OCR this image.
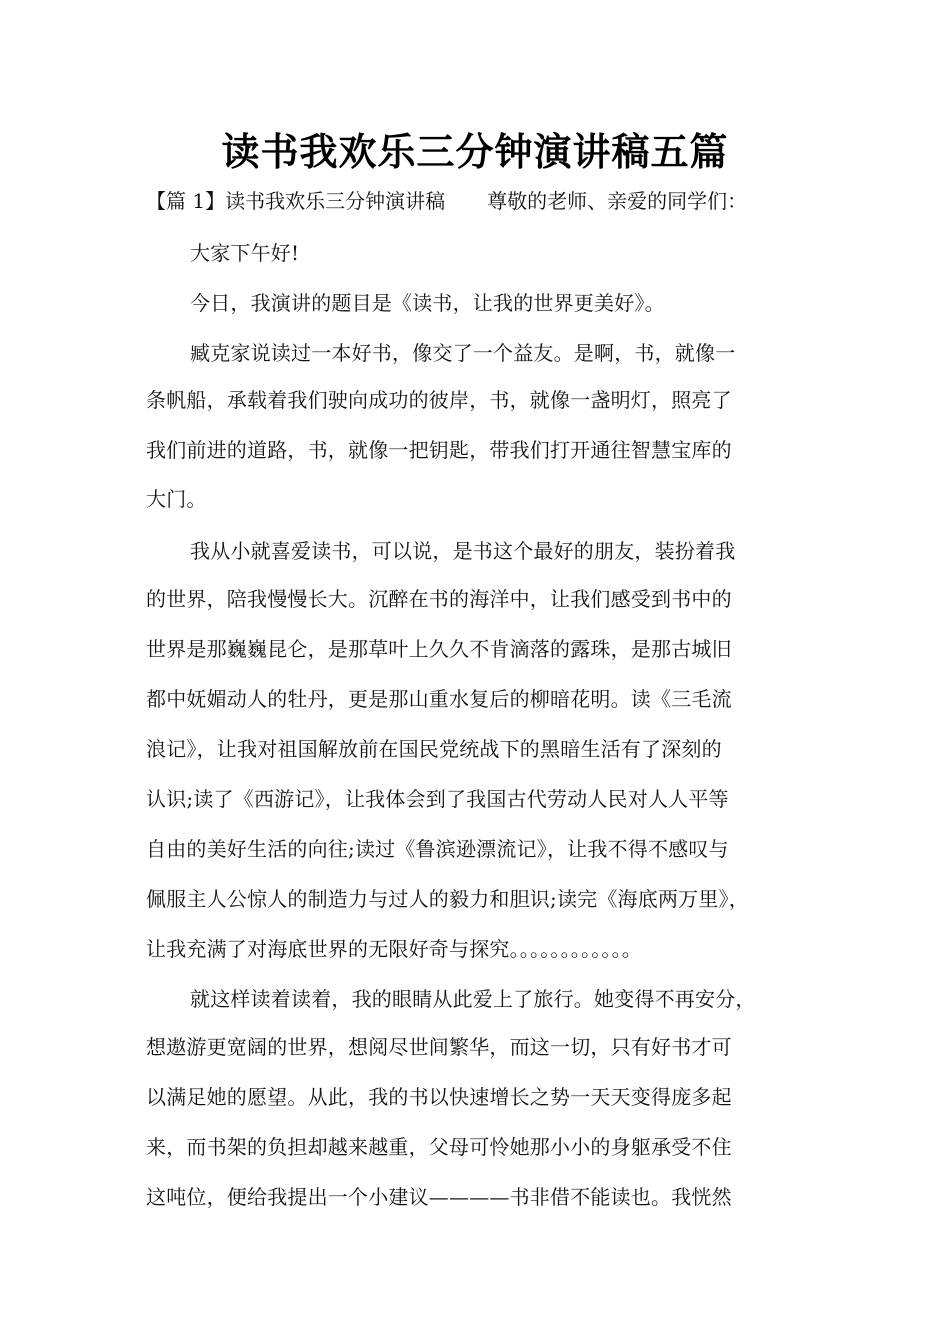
读书我欢乐三分钟演讲稿五篇
【篇 1】读书我欢乐三分钟演讲稿 尊敬的老师、亲爱的同学们：
大家下午好!
今日，我演讲的题目是《读书，让我的世界更美好》。
臧克家说读过一本好书，像交了一个益友。是啊，书，就像一
条帆船，承载着我们驶向成功的彼岸，书，就像一盏明灯，照亮了
我们前进的道路，书，就像一把钥匙，带我们打开通往智慧宝库的
大门。
我从小就喜爱读书，可以说，是书这个最好的朋友，装扮着我
的世界，陪我慢慢长大。沉醉在书的海洋中，让我们感受到书中的
世界是那巍巍昆仑，是那草叶上久久不肯滴落的露珠，是那古城旧
都中妩媚动人的牡丹，更是那山重水复后的柳暗花明。读《三毛流
浪记》，让我对祖国解放前在国民党统战下的黑暗生活有了深刻的
认识;读了《西游记》，让我体会到了我国古代劳动人民对人人平等
自由的美好生活的向往;读过《鲁滨逊漂流记》，让我不得不感叹与
佩服主人公惊人的制造力与过人的毅力和胆识;读完《海底两万里》，
让我充满了对海底世界的无限好奇与探究。。。。。。。。。。。。
就这样读着读着，我的眼睛从此爱上了旅行。她变得不再安分，
想遨游更宽阔的世界，想阅尽世间繁华，而这一切，只有好书才可
以满足她的愿望。从此，我的书以快速增长之势一天天变得庞多起
来，而书架的负担却越来越重，父母可怜她那小小的身躯承受不住
这吨位，便给我提出一个小建议————书非借不能读也。我恍然
